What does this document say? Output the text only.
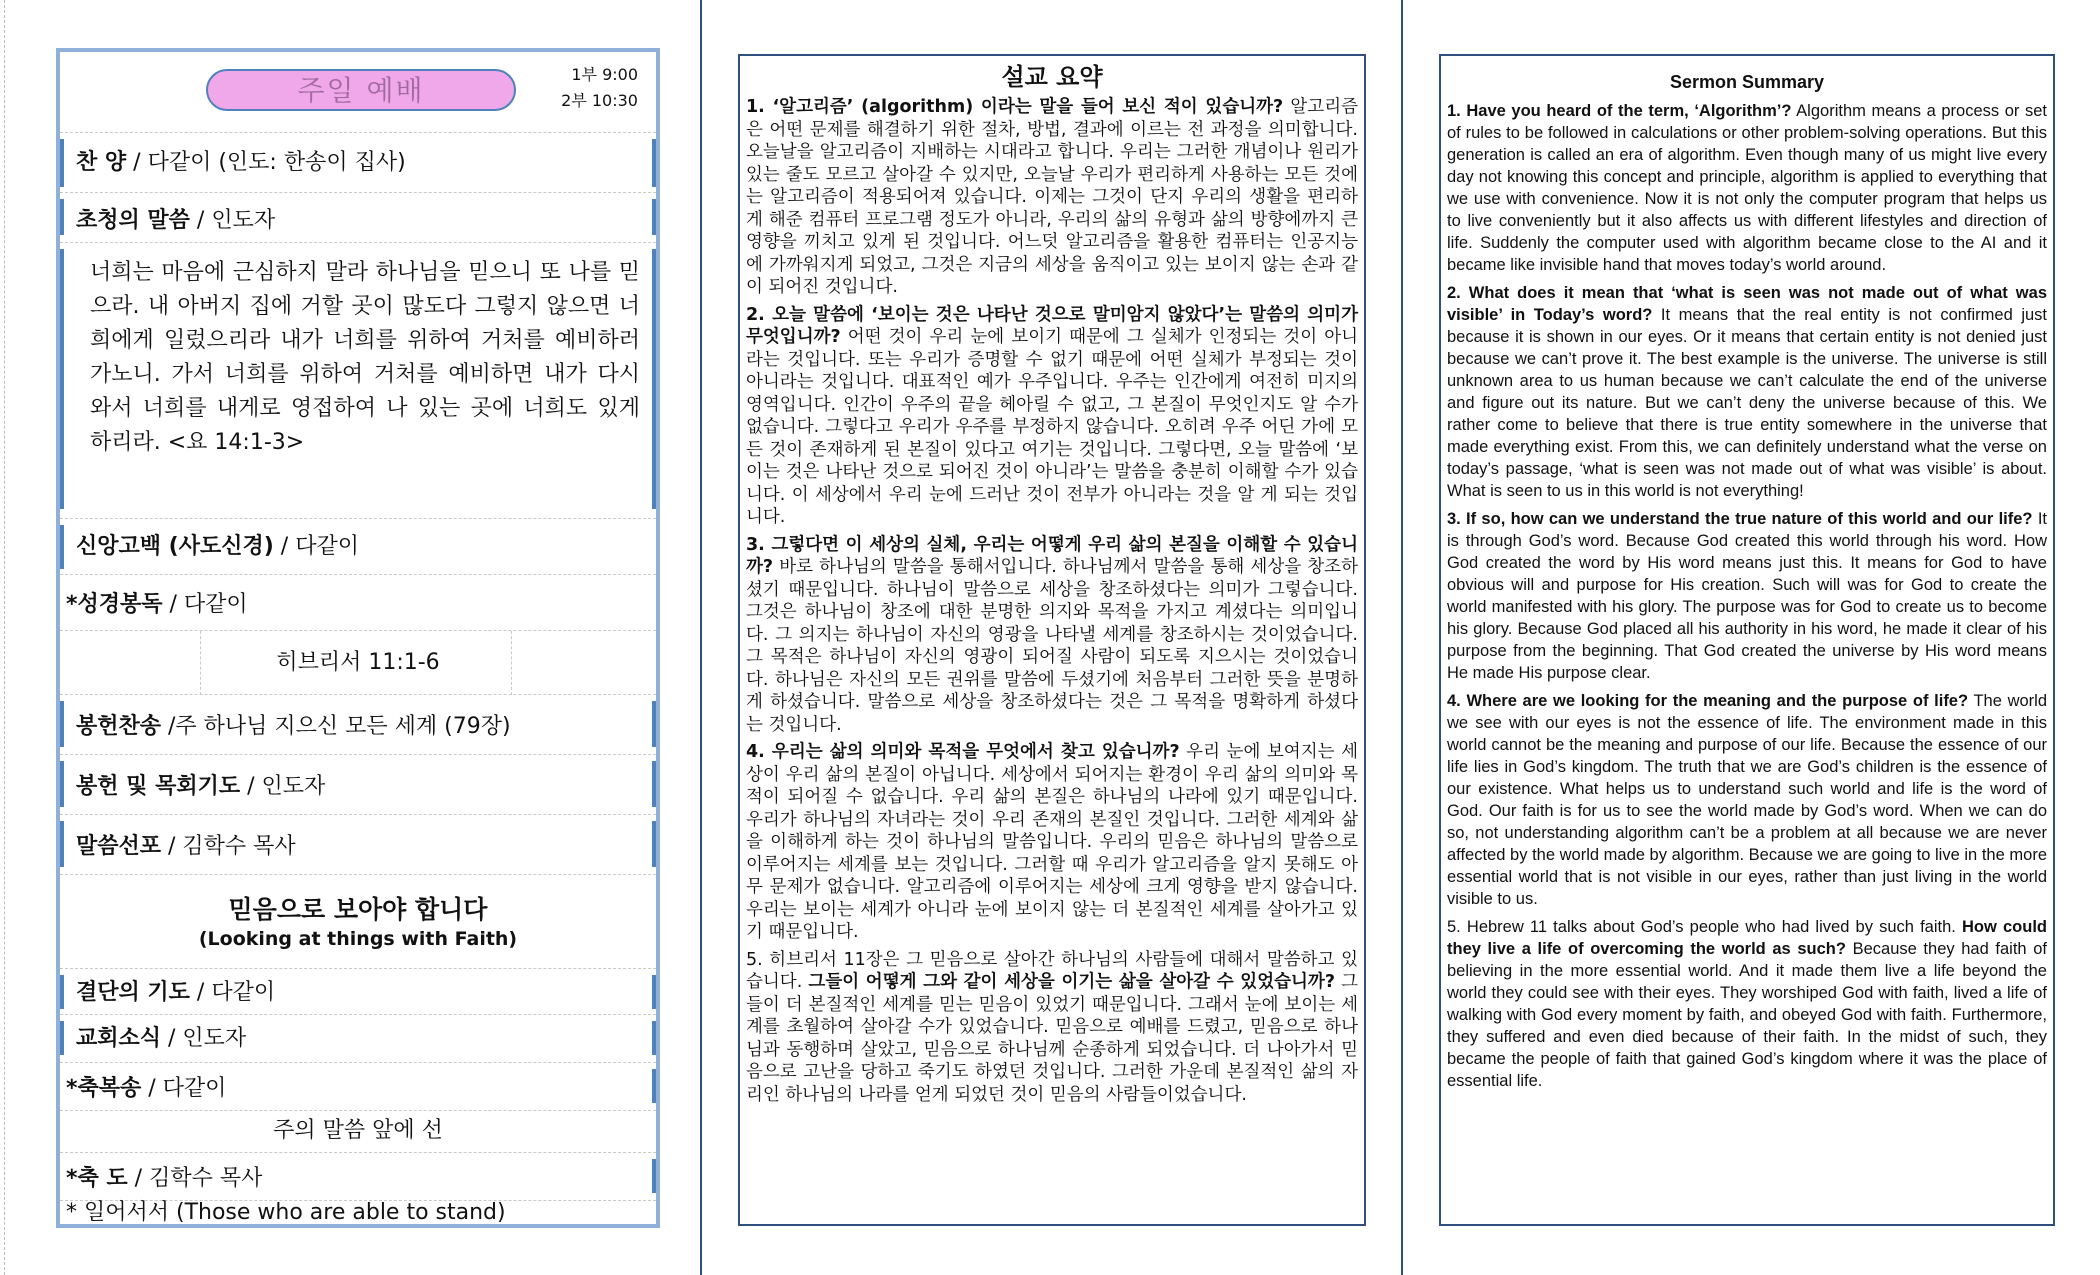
주일 예배	1부 9:00
2부 10:30
찬 양 / 다같이 (인도: 한송이 집사)
초청의 말씀 / 인도자
너희는 마음에 근심하지 말라 하나님을 믿으니 또 나를 믿으라. 내 아버지 집에 거할 곳이 많도다 그렇지 않으면 너희에게 일렀으리라 내가 너희를 위하여 거처를 예비하러 가노니. 가서 너희를 위하여 거처를 예비하면 내가 다시 와서 너희를 내게로 영접하여 나 있는 곳에 너희도 있게 하리라. <요 14:1-3>
신앙고백 (사도신경) / 다같이
*성경봉독 / 다같이
히브리서 11:1-6
봉헌찬송 /주 하나님 지으신 모든 세계 (79장)
봉헌 및 목회기도 / 인도자
말씀선포 / 김학수 목사
믿음으로 보아야 합니다
(Looking at things with Faith)
결단의 기도 / 다같이
교회소식 / 인도자
*축복송 / 다같이
주의 말씀 앞에 선
*축 도 / 김학수 목사
* 일어서서 (Those who are able to stand)
설교 요약

1. ‘알고리즘’ (algorithm) 이라는 말을 들어 보신 적이 있습니까? 알고리즘은 어떤 문제를 해결하기 위한 절차, 방법, 결과에 이르는 전 과정을 의미합니다. 오늘날을 알고리즘이 지배하는 시대라고 합니다. 우리는 그러한 개념이나 원리가 있는 줄도 모르고 살아갈 수 있지만, 오늘날 우리가 편리하게 사용하는 모든 것에는 알고리즘이 적용되어져 있습니다. 이제는 그것이 단지 우리의 생활을 편리하게 해준 컴퓨터 프로그램 정도가 아니라, 우리의 삶의 유형과 삶의 방향에까지 큰 영향을 끼치고 있게 된 것입니다. 어느덧 알고리즘을 활용한 컴퓨터는 인공지능에 가까워지게 되었고, 그것은 지금의 세상을 움직이고 있는 보이지 않는 손과 같이 되어진 것입니다.

2. 오늘 말씀에 ‘보이는 것은 나타난 것으로 말미암지 않았다’는 말씀의 의미가 무엇입니까? 어떤 것이 우리 눈에 보이기 때문에 그 실체가 인정되는 것이 아니라는 것입니다. 또는 우리가 증명할 수 없기 때문에 어떤 실체가 부정되는 것이 아니라는 것입니다. 대표적인 예가 우주입니다. 우주는 인간에게 여전히 미지의 영역입니다. 인간이 우주의 끝을 헤아릴 수 없고, 그 본질이 무엇인지도 알 수가 없습니다. 그렇다고 우리가 우주를 부정하지 않습니다. 오히려 우주 어딘 가에 모든 것이 존재하게 된 본질이 있다고 여기는 것입니다. 그렇다면, 오늘 말씀에 ‘보이는 것은 나타난 것으로 되어진 것이 아니라’는 말씀을 충분히 이해할 수가 있습니다. 이 세상에서 우리 눈에 드러난 것이 전부가 아니라는 것을 알 게 되는 것입니다.

3. 그렇다면 이 세상의 실체, 우리는 어떻게 우리 삶의 본질을 이해할 수 있습니까? 바로 하나님의 말씀을 통해서입니다. 하나님께서 말씀을 통해 세상을 창조하셨기 때문입니다. 하나님이 말씀으로 세상을 창조하셨다는 의미가 그렇습니다. 그것은 하나님이 창조에 대한 분명한 의지와 목적을 가지고 계셨다는 의미입니다. 그 의지는 하나님이 자신의 영광을 나타낼 세계를 창조하시는 것이었습니다. 그 목적은 하나님이 자신의 영광이 되어질 사람이 되도록 지으시는 것이었습니다. 하나님은 자신의 모든 권위를 말씀에 두셨기에 처음부터 그러한 뜻을 분명하게 하셨습니다. 말씀으로 세상을 창조하셨다는 것은 그 목적을 명확하게 하셨다는 것입니다.

4. 우리는 삶의 의미와 목적을 무엇에서 찾고 있습니까? 우리 눈에 보여지는 세상이 우리 삶의 본질이 아닙니다. 세상에서 되어지는 환경이 우리 삶의 의미와 목적이 되어질 수 없습니다. 우리 삶의 본질은 하나님의 나라에 있기 때문입니다. 우리가 하나님의 자녀라는 것이 우리 존재의 본질인 것입니다. 그러한 세계와 삶을 이해하게 하는 것이 하나님의 말씀입니다. 우리의 믿음은 하나님의 말씀으로 이루어지는 세계를 보는 것입니다. 그러할 때 우리가 알고리즘을 알지 못해도 아무 문제가 없습니다. 알고리즘에 이루어지는 세상에 크게 영향을 받지 않습니다. 우리는 보이는 세계가 아니라 눈에 보이지 않는 더 본질적인 세계를 살아가고 있기 때문입니다.

5. 히브리서 11장은 그 믿음으로 살아간 하나님의 사람들에 대해서 말씀하고 있습니다. 그들이 어떻게 그와 같이 세상을 이기는 삶을 살아갈 수 있었습니까? 그들이 더 본질적인 세계를 믿는 믿음이 있었기 때문입니다. 그래서 눈에 보이는 세계를 초월하여 살아갈 수가 있었습니다. 믿음으로 예배를 드렸고, 믿음으로 하나님과 동행하며 살았고, 믿음으로 하나님께 순종하게 되었습니다. 더 나아가서 믿음으로 고난을 당하고 죽기도 하였던 것입니다. 그러한 가운데 본질적인 삶의 자리인 하나님의 나라를 얻게 되었던 것이 믿음의 사람들이었습니다.

Sermon Summary

1. Have you heard of the term, ‘Algorithm’? Algorithm means a process or set of rules to be followed in calculations or other problem-solving operations. But this generation is called an era of algorithm. Even though many of us might live every day not knowing this concept and principle, algorithm is applied to everything that we use with convenience. Now it is not only the computer program that helps us to live conveniently but it also affects us with different lifestyles and direction of life. Suddenly the computer used with algorithm became close to the AI and it became like invisible hand that moves today’s world around.

2. What does it mean that ‘what is seen was not made out of what was visible’ in Today’s word? It means that the real entity is not confirmed just because it is shown in our eyes. Or it means that certain entity is not denied just because we can’t prove it. The best example is the universe. The universe is still unknown area to us human because we can’t calculate the end of the universe and figure out its nature. But we can’t deny the universe because of this. We rather come to believe that there is true entity somewhere in the universe that made everything exist. From this, we can definitely understand what the verse on today’s passage, ‘what is seen was not made out of what was visible’ is about. What is seen to us in this world is not everything!

3. If so, how can we understand the true nature of this world and our life? It is through God’s word. Because God created this world through his word. How God created the word by His word means just this. It means for God to have obvious will and purpose for His creation. Such will was for God to create the world manifested with his glory. The purpose was for God to create us to become his glory. Because God placed all his authority in his word, he made it clear of his purpose from the beginning. That God created the universe by His word means He made His purpose clear.

4. Where are we looking for the meaning and the purpose of life? The world we see with our eyes is not the essence of life. The environment made in this world cannot be the meaning and purpose of our life. Because the essence of our life lies in God’s kingdom. The truth that we are God’s children is the essence of our existence. What helps us to understand such world and life is the word of God. Our faith is for us to see the world made by God’s word. When we can do so, not understanding algorithm can’t be a problem at all because we are never affected by the world made by algorithm. Because we are going to live in the more essential world that is not visible in our eyes, rather than just living in the world visible to us.

5. Hebrew 11 talks about God’s people who had lived by such faith. How could they live a life of overcoming the world as such? Because they had faith of believing in the more essential world. And it made them live a life beyond the world they could see with their eyes. They worshiped God with faith, lived a life of walking with God every moment by faith, and obeyed God with faith. Furthermore, they suffered and even died because of their faith. In the midst of such, they became the people of faith that gained God’s kingdom where it was the place of essential life.
